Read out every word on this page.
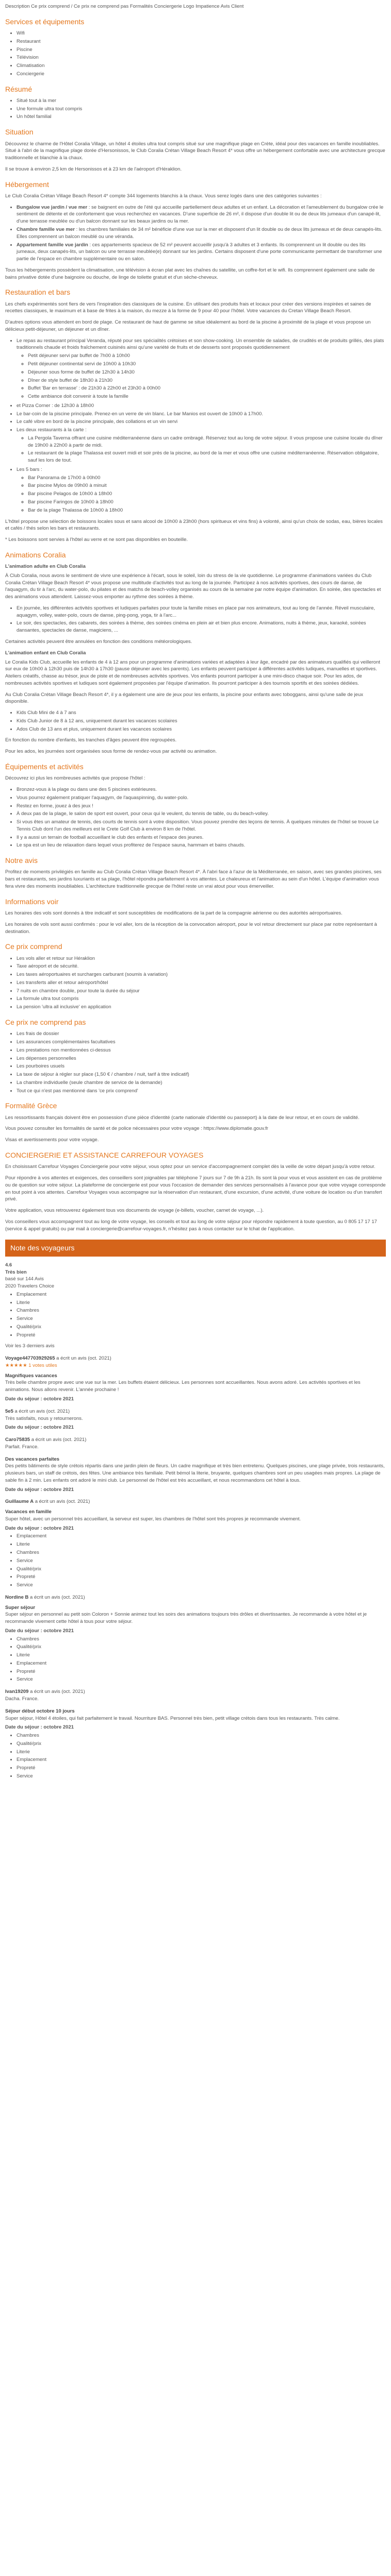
Description Ce prix comprend / Ce prix ne comprend pas Formalités Conciergerie Logo Impatience Avis Client
Services et équipements
• Wifi
• Restaurant
• Piscine
• Télévision
• Climatisation
• Conciergerie
Résumé
• Situé tout à la mer
• Une formule ultra tout compris
• Un hôtel familial
Situation

Découvrez le charme de l'Hôtel Coralia Village, un hôtel 4 étoiles ultra tout compris situé sur une magnifique plage en Crète, idéal pour des vacances en famille inoubliables. Situé à l'abri de la magnifique plage dorée d'Hersonissos, le Club Coralia Crétan Village Beach Resort 4* vous offre un hébergement confortable avec une architecture grecque traditionnelle et blanchie à la chaux.

Il se trouve à environ 2,5 km de Hersonissos et à 23 km de l'aéroport d'Héraklion.

Hébergement

Le Club Coralia Crétan Village Beach Resort 4* compte 344 logements blanchis à la chaux. Vous serez logés dans une des catégories suivantes :

• Bungalow vue jardin / vue mer : se baignent en outre de l'été qui accueille partiellement deux adultes et un enfant. La décoration et l'ameublement du bungalow crée le sentiment de détente et de confortement que vous recherchez en vacances. D'une superficie de 26 m², il dispose d'un double lit ou de deux lits jumeaux d'un canapé-lit, d'une terrasse meublée ou d'un balcon donnant sur les beaux jardins ou la mer.
• Chambre famille vue mer : les chambres familiales de 34 m² bénéficie d'une vue sur la mer et disposent d'un lit double ou de deux lits jumeaux et de deux canapés-lits. Elles comprennent un balcon meublé ou une véranda.
• Appartement famille vue jardin : ces appartements spacieux de 52 m² peuvent accueillir jusqu'à 3 adultes et 3 enfants. Ils comprennent un lit double ou des lits jumeaux, deux canapés-lits, un balcon ou une terrasse meublée(e) donnant sur les jardins. Certains disposent d'une porte communicante permettant de transformer une partie de l'espace en chambre supplémentaire ou en salon.

Tous les hébergements possèdent la climatisation, une télévision à écran plat avec les chaînes du satellite, un coffre-fort et le wifi. Ils comprennent également une salle de bains privative dotée d'une baignoire ou douche, de linge de toilette gratuit et d'un sèche-cheveux.

Restauration et bars

Les chefs expérimentés sont fiers de vers l'inspiration des classiques de la cuisine. En utilisant des produits frais et locaux pour créer des versions inspirées et saines de recettes classiques, le maximum et à base de frites à la maison, du mezze à la forme de 9 pour 40 pour l'hôtel. Votre vacances du Cretan Village Beach Resort.

D'autres options vous attendent en bord de plage. Ce restaurant de haut de gamme se situe idéalement au bord de la piscine à proximité de la plage et vous propose un délicieux petit-déjeuner, un déjeuner et un dîner.

• Le repas au restaurant principal Veranda, réputé pour ses spécialités crétoises et son show-cooking. Un ensemble de salades, de crudités et de produits grillés, des plats traditionnels chaude et froids fraîchement cuisinés ainsi qu'une variété de fruits et de desserts sont proposés quotidiennement
◦ Petit déjeuner servi par buffet de 7h00 à 10h00
◦ Petit déjeuner continental servi de 10h00 à 10h30
◦ Déjeuner sous forme de buffet de 12h30 à 14h30
◦ Dîner de style buffet de 18h30 à 21h30
◦ Buffet 'Bar en terrasse' : de 21h30 à 22h00 et 23h30 à 00h00
◦ Cette ambiance doit convenir à toute la famille
• et Pizza Corner : de 12h30 à 18h00
• Le bar-coin de la piscine principale. Prenez-en un verre de vin blanc. Le bar Manios est ouvert de 10h00 à 17h00.
• Le café vibre en bord de la piscine principale, des collations et un vin servi
• Les deux restaurants à la carte :
◦ La Pergola Taverna offrant une cuisine méditerranéenne dans un cadre ombragé. Réservez tout au long de votre séjour. Il vous propose une cuisine locale du dîner de 19h00 à 22h00 à partir de midi.
◦ Le restaurant de la plage Thalassa est ouvert midi et soir près de la piscine, au bord de la mer et vous offre une cuisine méditerranéenne. Réservation obligatoire, sauf les lors de tout.
• Les 5 bars :
◦ Bar Panorama de 17h00 à 00h00
◦ Bar piscine Mylos de 09h00 à minuit
◦ Bar piscine Pelagos de 10h00 à 18h00
◦ Bar piscine Faringos de 10h00 à 18h00
◦ Bar de la plage Thalassa de 10h00 à 18h00

L'hôtel propose une sélection de boissons locales sous et sans alcool de 10h00 à 23h00 (hors spiritueux et vins fins) à volonté, ainsi qu'un choix de sodas, eau, bières locales et cafés / thés selon les bars et restaurants.

* Les boissons sont servies à l'hôtel au verre et ne sont pas disponibles en bouteille.

Animations Coralia
L'animation adulte en Club Coralia

À Club Coralia, nous avons le sentiment de vivre une expérience à l'écart, sous le soleil, loin du stress de la vie quotidienne. Le programme d'animations variées du Club Coralia Crétan Village Beach Resort 4* vous propose une multitude d'activités tout au long de la journée. Participez à nos activités sportives, des cours de danse, de l'aquagym, du tir à l'arc, du water-polo, du pilates et des matchs de beach-volley organisés au cours de la semaine par notre équipe d'animation. En soirée, des spectacles et des animations vous attendent. Laissez-vous emporter au rythme des soirées à thème.

• En journée, les différentes activités sportives et ludiques parfaites pour toute la famille mises en place par nos animateurs, tout au long de l'année. Réveil musculaire, aquagym, volley, water-polo, cours de danse, ping-pong, yoga, tir à l'arc...
• Le soir, des spectacles, des cabarets, des soirées à thème, des soirées cinéma en plein air et bien plus encore. Animations, nuits à thème, jeux, karaoké, soirées dansantes, spectacles de danse, magiciens, ...

Certaines activités peuvent être annulées en fonction des conditions météorologiques.

L'animation enfant en Club Coralia

Le Coralia Kids Club, accueille les enfants de 4 à 12 ans pour un programme d'animations variées et adaptées à leur âge, encadré par des animateurs qualifiés qui veilleront sur eux de 10h00 à 12h30 puis de 14h30 à 17h30 (pause déjeuner avec les parents). Les enfants peuvent participer à différentes activités ludiques, manuelles et sportives. Ateliers créatifs, chasse au trésor, jeux de piste et de nombreuses activités sportives. Vos enfants pourront participer à une mini-disco chaque soir. Pour les ados, de nombreuses activités sportives et ludiques sont également proposées par l'équipe d'animation. Ils pourront participer à des tournois sportifs et des soirées dédiées.

Au Club Coralia Crétan Village Beach Resort 4*, il y a également une aire de jeux pour les enfants, la piscine pour enfants avec toboggans, ainsi qu'une salle de jeux disponible.

• Kids Club Mini de 4 à 7 ans
• Kids Club Junior de 8 à 12 ans, uniquement durant les vacances scolaires
• Ados Club de 13 ans et plus, uniquement durant les vacances scolaires

En fonction du nombre d'enfants, les tranches d'âges peuvent être regroupées.

Pour les ados, les journées sont organisées sous forme de rendez-vous par activité ou animation.

Équipements et activités

Découvrez ici plus les nombreuses activités que propose l'hôtel :

• Bronzez-vous à la plage ou dans une des 5 piscines extérieures.
• Vous pourrez également pratiquer l'aquagym, de l'aquaspinning, du water-polo.
• Restez en forme, jouez à des jeux !
• À deux pas de la plage, le salon de sport est ouvert, pour ceux qui le veulent, du tennis de table, ou du beach-volley.
• Si vous êtes un amateur de tennis, des courts de tennis sont à votre disposition. Vous pouvez prendre des leçons de tennis. À quelques minutes de l'hôtel se trouve Le Tennis Club dont l'un des meilleurs est le Crete Golf Club à environ 8 km de l'hôtel.
• Il y a aussi un terrain de football accueillant le club des enfants et l'espace des jeunes.
• Le spa est un lieu de relaxation dans lequel vous profiterez de l'espace sauna, hammam et bains chauds.
Notre avis

Profitez de moments privilégiés en famille au Club Coralia Crétan Village Beach Resort 4*. À l'abri face à l'azur de la Méditerranée, en saison, avec ses grandes piscines, ses bars et restaurants, ses jardins luxuriants et sa plage, l'hôtel répondra parfaitement à vos attentes. Le chaleureux et l'animation au sein d'un hôtel. L'équipe d'animation vous fera vivre des moments inoubliables. L'architecture traditionnelle grecque de l'hôtel reste un vrai atout pour vous émerveiller.

Informations voir

Les horaires des vols sont donnés à titre indicatif et sont susceptibles de modifications de la part de la compagnie aérienne ou des autorités aéroportuaires.

Les horaires de vols sont aussi confirmés : pour le vol aller, lors de la réception de la convocation aéroport, pour le vol retour directement sur place par notre représentant à destination.

Ce prix comprend
• Les vols aller et retour sur Héraklion
• Taxe aéroport et de sécurité.
• Les taxes aéroportuaires et surcharges carburant (soumis à variation)
• Les transferts aller et retour aéroport/hôtel
• 7 nuits en chambre double, pour toute la durée du séjour
• La formule ultra tout compris
• La pension 'ultra all inclusive' en application
Ce prix ne comprend pas
• Les frais de dossier
• Les assurances complémentaires facultatives
• Les prestations non mentionnées ci-dessus
• Les dépenses personnelles
• Les pourboires usuels
• La taxe de séjour à régler sur place (1,50 € / chambre / nuit, tarif à titre indicatif)
• La chambre individuelle (seule chambre de service de la demande)
• Tout ce qui n'est pas mentionné dans 'ce prix comprend'
Formalité Grèce

Les ressortissants français doivent être en possession d'une pièce d'identité (carte nationale d'identité ou passeport) à la date de leur retour, et en cours de validité.

Vous pouvez consulter les formalités de santé et de police nécessaires pour votre voyage : https://www.diplomatie.gouv.fr

Visas et avertissements pour votre voyage.

CONCIERGERIE ET ASSISTANCE CARREFOUR VOYAGES

En choisissant Carrefour Voyages Conciergerie pour votre séjour, vous optez pour un service d'accompagnement complet dès la veille de votre départ jusqu'à votre retour.

Pour répondre à vos attentes et exigences, des conseillers sont joignables par téléphone 7 jours sur 7 de 9h à 21h. Ils sont là pour vous et vous assistent en cas de problème ou de question sur votre séjour. La plateforme de conciergerie est pour vous l'occasion de demander des services personnalisés à l'avance pour que votre voyage corresponde en tout point à vos attentes. Carrefour Voyages vous accompagne sur la réservation d'un restaurant, d'une excursion, d'une activité, d'une voiture de location ou d'un transfert privé.

Votre application, vous retrouverez également tous vos documents de voyage (e-billets, voucher, carnet de voyage, ...).

Vos conseillers vous accompagnent tout au long de votre voyage, les conseils et tout au long de votre séjour pour répondre rapidement à toute question, au 0 805 17 17 17 (service & appel gratuits) ou par mail à conciergerie@carrefour-voyages.fr, n'hésitez pas à nous contacter sur le tchat de l'application.

Note des voyageurs
4.6
Très bien
basé sur 144 Avis
2020 Travelers Choice
• Emplacement
• Literie
• Chambres
• Service
• Qualité/prix
• Propreté
Voir les 3 derniers avis
Voyage447703929265 a écrit un avis (oct. 2021)
★★★★★ 1 votes utiles
Magnifiques vacances
Très belle chambre propre avec une vue sur la mer. Les buffets étaient délicieux. Les personnes sont accueillantes. Nous avons adoré. Les activités sportives et les animations. Nous allons revenir. L'année prochaine !
Date du séjour : octobre 2021
5e5 a écrit un avis (oct. 2021)
Très satisfaits, nous y retournerons.
Date du séjour : octobre 2021
Caro75835 a écrit un avis (oct. 2021)
Parfait. France.
Des vacances parfaites
Des petits bâtiments de style crétois répartis dans une jardin plein de fleurs. Un cadre magnifique et très bien entretenu. Quelques piscines, une plage privée, trois restaurants, plusieurs bars, un staff de crétois, des fêtes. Une ambiance très familiale. Petit bémol la literie, bruyante, quelques chambres sont un peu usagées mais propres. La plage de sable fin à 2 min. Les enfants ont adoré le mini club. Le personnel de l'hôtel est très accueillant, et nous recommandons cet hôtel à tous.
Date du séjour : octobre 2021
Guillaume A a écrit un avis (oct. 2021)
Vacances en famille
Super hôtel, avec un personnel très accueillant, la serveur est super, les chambres de l'hôtel sont très propres je recommande vivement.
Date du séjour : octobre 2021
• Emplacement
• Literie
• Chambres
• Service
• Qualité/prix
• Propreté
• Service
Nordine B a écrit un avis (oct. 2021)
Super séjour
Super séjour en personnel au petit soin Coloron + Sonnie animez tout les soirs des animations toujours très drôles et divertissantes. Je recommande à votre hôtel et je recommande vivement cette hôtel à tous pour votre séjour.
Date du séjour : octobre 2021
• Chambres
• Qualité/prix
• Literie
• Emplacement
• Propreté
• Service
Ivan19209 a écrit un avis (oct. 2021)
Dacha. France.
Séjour début octobre 10 jours
Super séjour, Hôtel 4 étoiles, qui fait parfaitement le travail. Nourriture BAS. Personnel très bien, petit village crétois dans tous les restaurants. Très calme.
Date du séjour : octobre 2021
• Chambres
• Qualité/prix
• Literie
• Emplacement
• Propreté
• Service
